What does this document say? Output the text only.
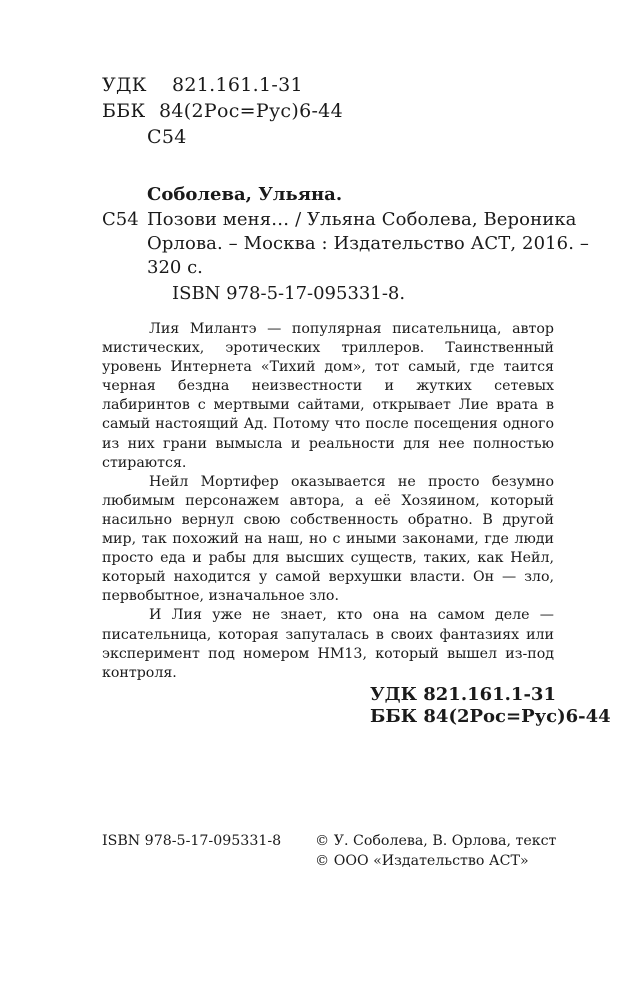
УДК 821.161.1-31
ББК 84(2Рос=Рус)6-44
С54
Соболева, Ульяна.
С54 Позови меня… / Ульяна Соболева, Вероника
Орлова. – Москва : Издательство АСТ, 2016. –
320 с.
ISBN 978-5-17-095331-8.

Лия Милантэ — популярная писательница, автор мистических, эротических триллеров. Таинственный уровень Интернета «Тихий дом», тот самый, где таится черная бездна неизвестности и жутких сетевых лабиринтов с мертвыми сайтами, открывает Лие врата в самый настоящий Ад. Потому что после посещения одного из них грани вымысла и реальности для нее полностью стираются.

Нейл Мортифер оказывается не просто безумно любимым персонажем автора, а её Хозяином, который насильно вернул свою собственность обратно. В другой мир, так похожий на наш, но с иными законами, где люди просто еда и рабы для высших существ, таких, как Нейл, который находится у самой верхушки власти. Он — зло, первобытное, изначальное зло.

И Лия уже не знает, кто она на самом деле — писательница, которая запуталась в своих фантазиях или эксперимент под номером НМ13, который вышел из-под контроля.

УДК 821.161.1-31
ББК 84(2Рос=Рус)6-44
ISBN 978-5-17-095331-8 © У. Соболева, В. Орлова, текст
© ООО «Издательство АСТ»
